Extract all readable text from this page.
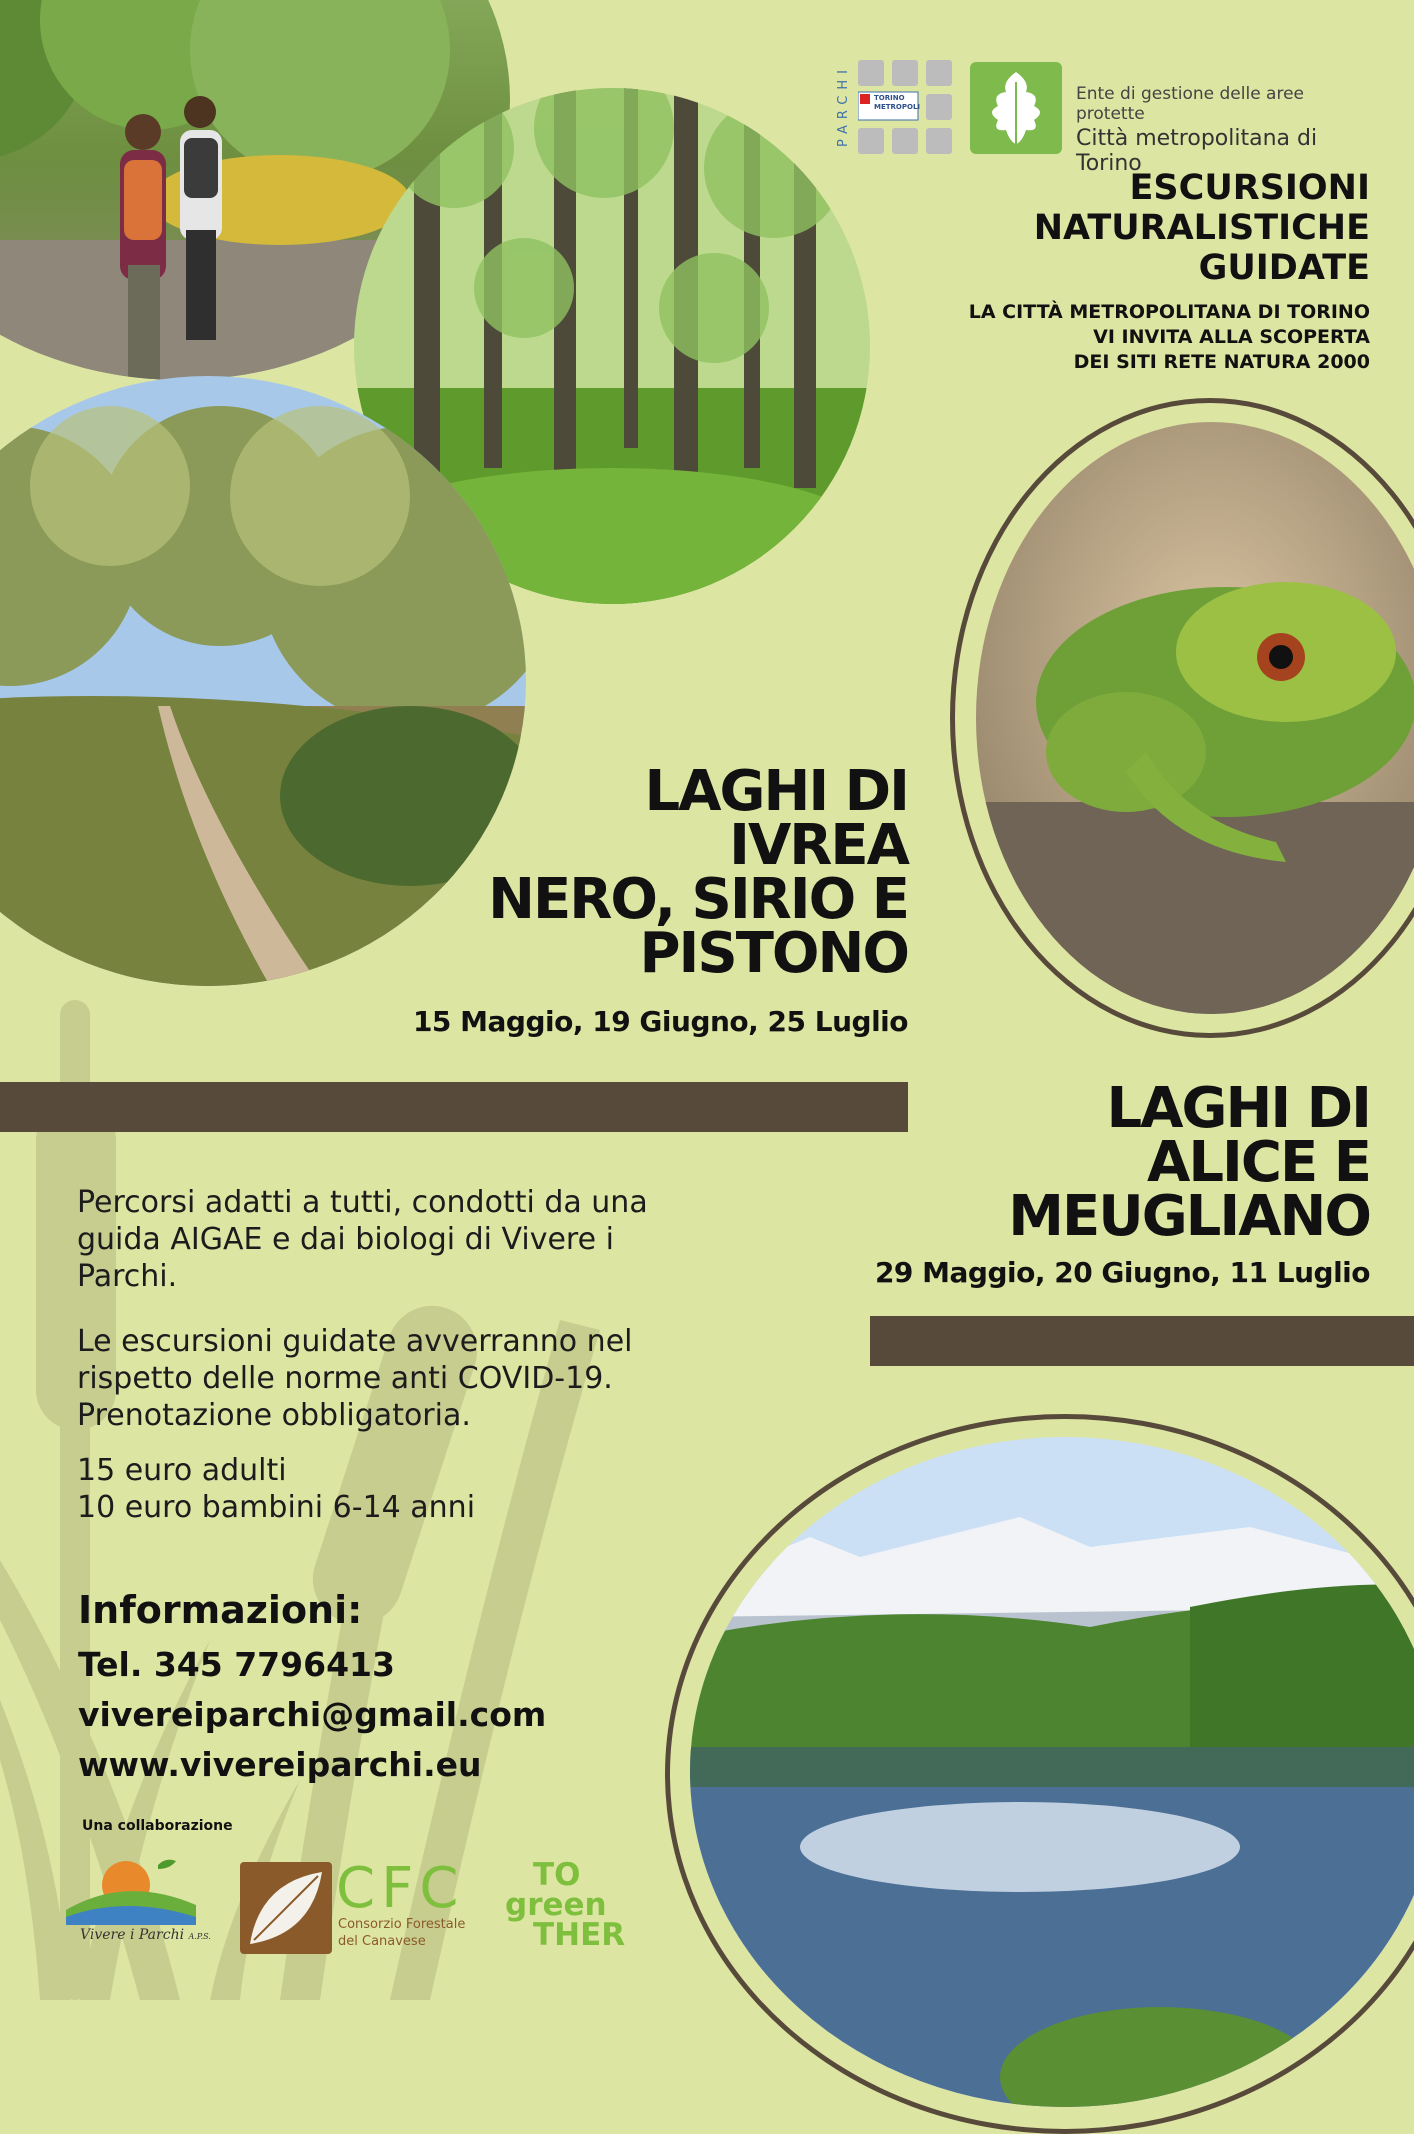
PARCHI	TORINO METROPOLI
Ente di gestione delle aree protette
Città metropolitana di Torino
ESCURSIONI
NATURALISTICHE
GUIDATE
LA CITTÀ METROPOLITANA DI TORINO
VI INVITA ALLA SCOPERTA
DEI SITI RETE NATURA 2000
LAGHI DI
IVREA
NERO, SIRIO E
PISTONO
15 Maggio, 19 Giugno, 25 Luglio
LAGHI DI
ALICE E
MEUGLIANO
29 Maggio, 20 Giugno, 11 Luglio
Percorsi adatti a tutti, condotti da una
guida AIGAE e dai biologi di Vivere i
Parchi.
Le escursioni guidate avverranno nel
rispetto delle norme anti COVID-19.
Prenotazione obbligatoria.
15 euro adulti
10 euro bambini 6-14 anni
Informazioni:
Tel. 345 7796413
vivereiparchi@gmail.com
www.vivereiparchi.eu
Una collaborazione
Vivere i Parchi A.P.S.
CFC
Consorzio Forestale
del Canavese
TO
green
THER
